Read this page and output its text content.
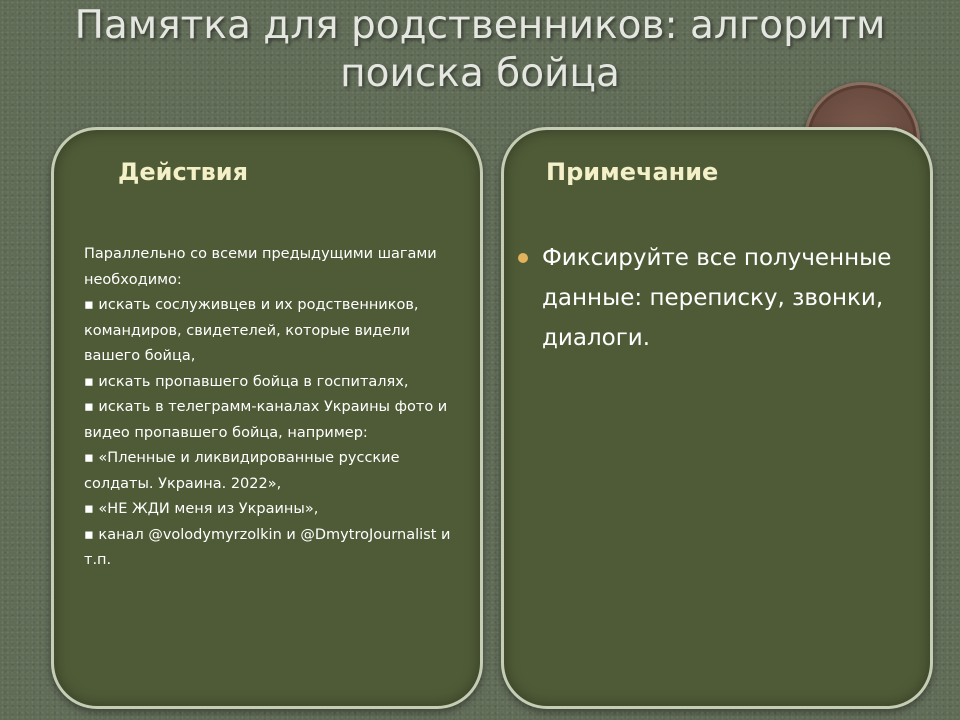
Памятка для родственников: алгоритм поиска бойца
Действия

Параллельно со всеми предыдущими шагами необходимо:

▪ искать сослуживцев и их родственников, командиров, свидетелей, которые видели вашего бойца,

▪ искать пропавшего бойца в госпиталях,

▪ искать в телеграмм-каналах Украины фото и видео пропавшего бойца, например:

▪ «Пленные и ликвидированные русские солдаты. Украина. 2022»,

▪ «НЕ ЖДИ меня из Украины»,

▪ канал @volodymyrzolkin и @DmytroJournalist и т.п.

Примечание
Фиксируйте все полученные данные: переписку, звонки, диалоги.
